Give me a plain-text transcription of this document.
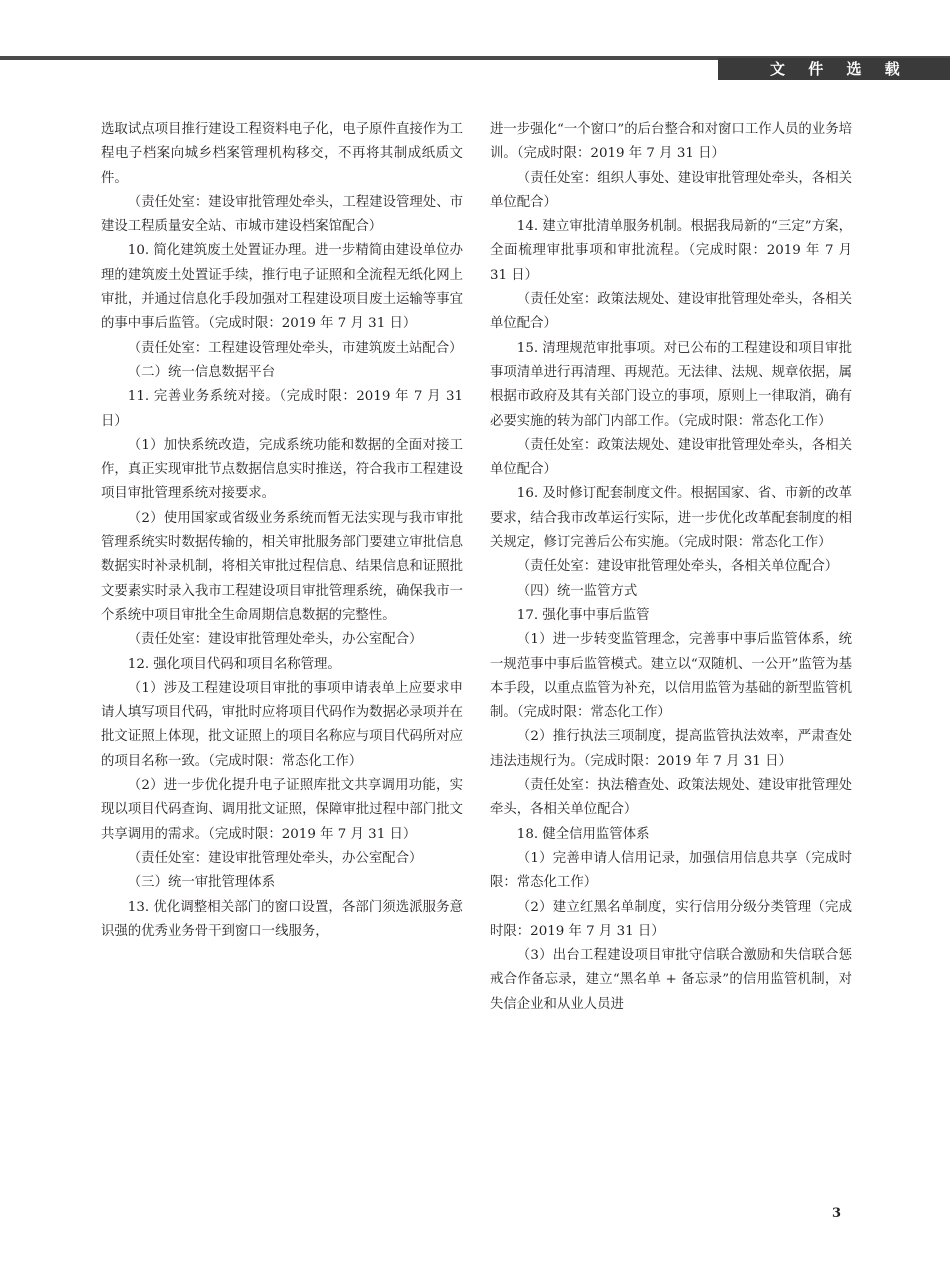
文 件 选 载

选取试点项目推行建设工程资料电子化，电子原件直接作为工程电子档案向城乡档案管理机构移交，不再将其制成纸质文件。

（责任处室：建设审批管理处牵头，工程建设管理处、市建设工程质量安全站、市城市建设档案馆配合）

10. 简化建筑废土处置证办理。进一步精简由建设单位办理的建筑废土处置证手续，推行电子证照和全流程无纸化网上审批，并通过信息化手段加强对工程建设项目废土运输等事宜的事中事后监管。（完成时限：2019 年 7 月 31 日）

（责任处室：工程建设管理处牵头，市建筑废土站配合）

（二）统一信息数据平台

11. 完善业务系统对接。（完成时限：2019 年 7 月 31 日）

（1）加快系统改造，完成系统功能和数据的全面对接工作，真正实现审批节点数据信息实时推送，符合我市工程建设项目审批管理系统对接要求。

（2）使用国家或省级业务系统而暂无法实现与我市审批管理系统实时数据传输的，相关审批服务部门要建立审批信息数据实时补录机制，将相关审批过程信息、结果信息和证照批文要素实时录入我市工程建设项目审批管理系统，确保我市一个系统中项目审批全生命周期信息数据的完整性。

（责任处室：建设审批管理处牵头，办公室配合）

12. 强化项目代码和项目名称管理。

（1）涉及工程建设项目审批的事项申请表单上应要求申请人填写项目代码，审批时应将项目代码作为数据必录项并在批文证照上体现，批文证照上的项目名称应与项目代码所对应的项目名称一致。（完成时限：常态化工作）

（2）进一步优化提升电子证照库批文共享调用功能，实现以项目代码查询、调用批文证照，保障审批过程中部门批文共享调用的需求。（完成时限：2019 年 7 月 31 日）

（责任处室：建设审批管理处牵头，办公室配合）

（三）统一审批管理体系

13. 优化调整相关部门的窗口设置，各部门须选派服务意识强的优秀业务骨干到窗口一线服务，

进一步强化“一个窗口”的后台整合和对窗口工作人员的业务培训。（完成时限：2019 年 7 月 31 日）

（责任处室：组织人事处、建设审批管理处牵头，各相关单位配合）

14. 建立审批清单服务机制。根据我局新的“三定”方案，全面梳理审批事项和审批流程。（完成时限：2019 年 7 月 31 日）

（责任处室：政策法规处、建设审批管理处牵头，各相关单位配合）

15. 清理规范审批事项。对已公布的工程建设和项目审批事项清单进行再清理、再规范。无法律、法规、规章依据，属根据市政府及其有关部门设立的事项，原则上一律取消，确有必要实施的转为部门内部工作。（完成时限：常态化工作）

（责任处室：政策法规处、建设审批管理处牵头，各相关单位配合）

16. 及时修订配套制度文件。根据国家、省、市新的改革要求，结合我市改革运行实际，进一步优化改革配套制度的相关规定，修订完善后公布实施。（完成时限：常态化工作）

（责任处室：建设审批管理处牵头，各相关单位配合）

（四）统一监管方式

17. 强化事中事后监管

（1）进一步转变监管理念，完善事中事后监管体系，统一规范事中事后监管模式。建立以“双随机、一公开”监管为基本手段，以重点监管为补充，以信用监管为基础的新型监管机制。（完成时限：常态化工作）

（2）推行执法三项制度，提高监管执法效率，严肃查处违法违规行为。（完成时限：2019 年 7 月 31 日）

（责任处室：执法稽查处、政策法规处、建设审批管理处牵头，各相关单位配合）

18. 健全信用监管体系

（1）完善申请人信用记录，加强信用信息共享（完成时限：常态化工作）

（2）建立红黑名单制度，实行信用分级分类管理（完成时限：2019 年 7 月 31 日）

（3）出台工程建设项目审批守信联合激励和失信联合惩戒合作备忘录，建立“黑名单 + 备忘录”的信用监管机制，对失信企业和从业人员进

3
